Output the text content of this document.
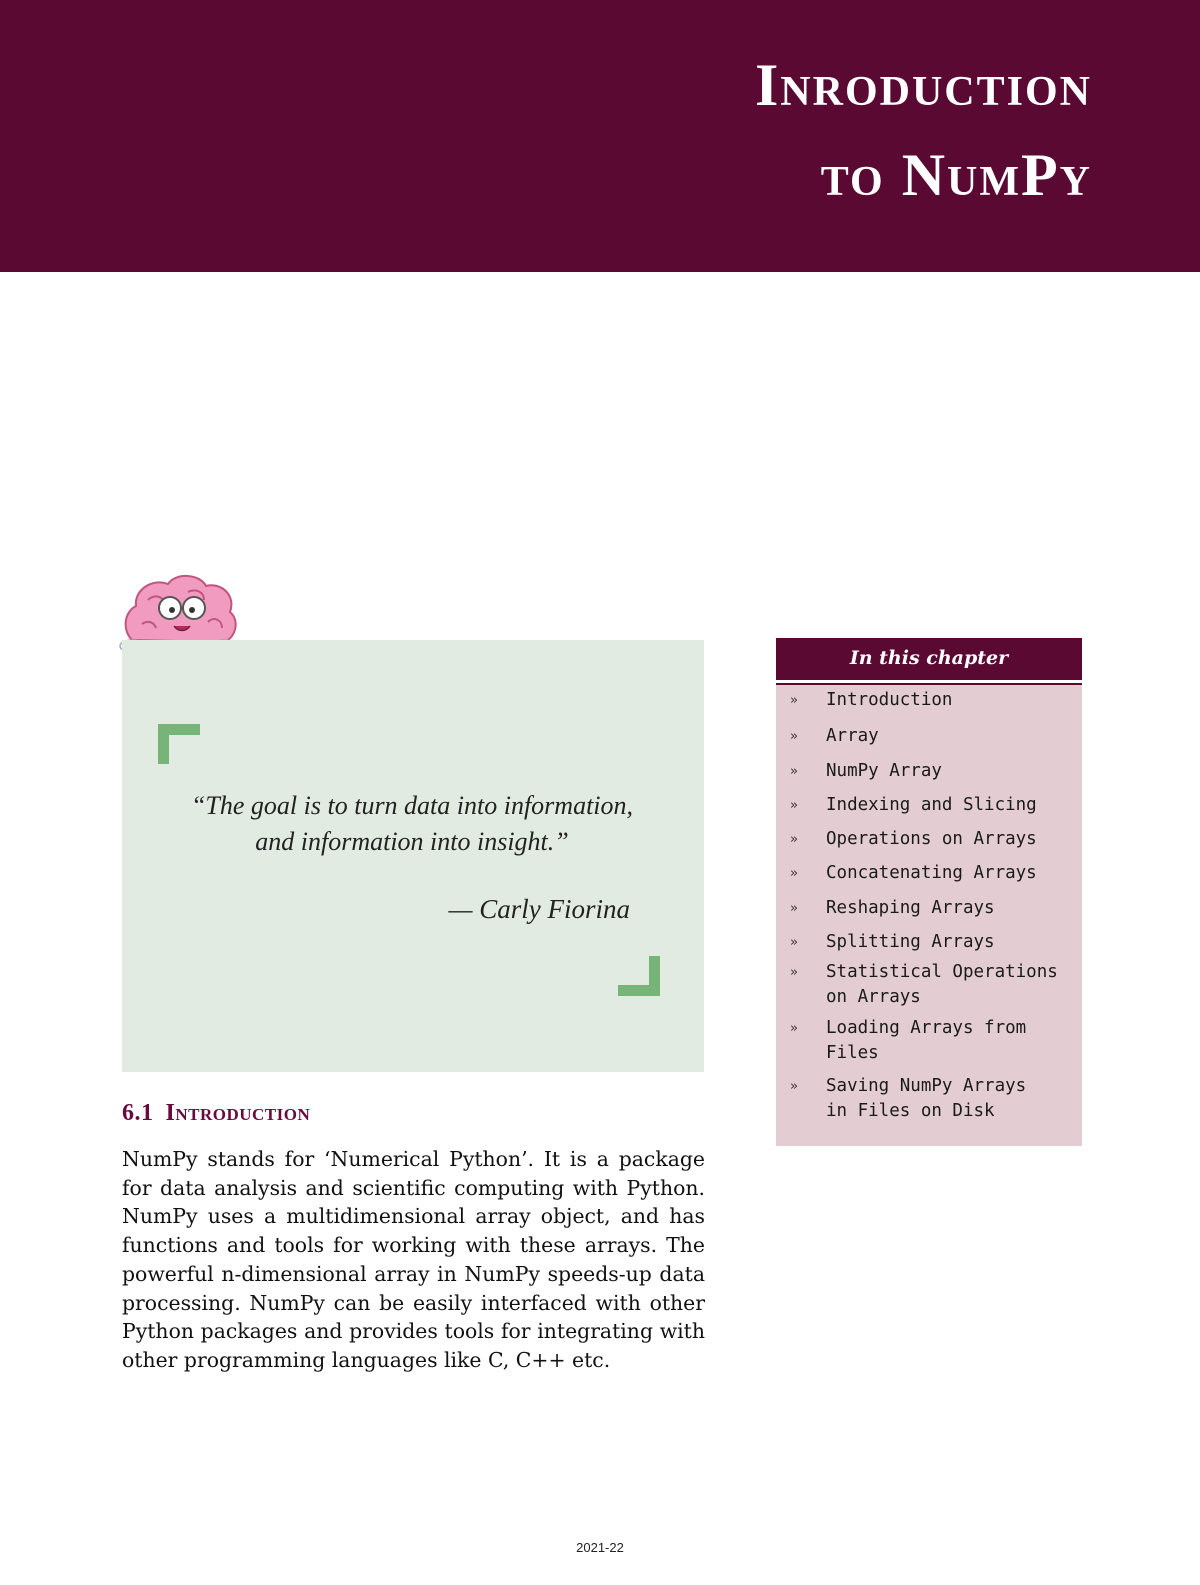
Inroduction
to NumPy
“The goal is to turn data into information,
and information into insight.”
— Carly Fiorina
6.1 Introduction
NumPy stands for ‘Numerical Python’. It is a package for data analysis and scientific computing with Python. NumPy uses a multidimensional array object, and has functions and tools for working with these arrays. The powerful n-dimensional array in NumPy speeds-up data processing. NumPy can be easily interfaced with other Python packages and provides tools for integrating with other programming languages like C, C++ etc.
In this chapter
» Introduction
» Array
» NumPy Array
» Indexing and Slicing
» Operations on Arrays
» Concatenating Arrays
» Reshaping Arrays
» Splitting Arrays
» Statistical Operations
on Arrays
» Loading Arrays from
Files
» Saving NumPy Arrays
in Files on Disk
2021-22
